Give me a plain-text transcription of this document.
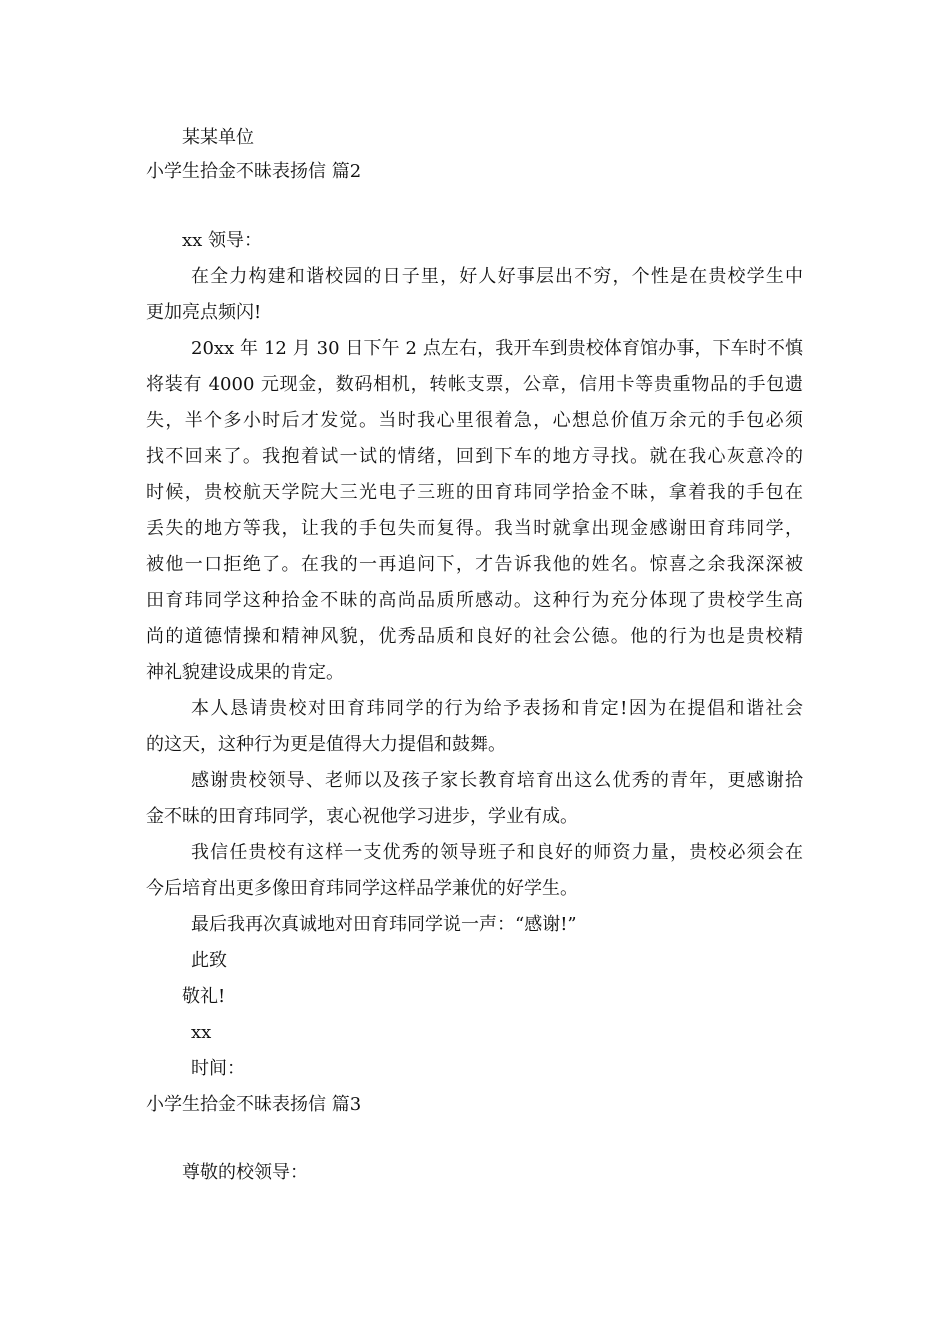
某某单位
小学生拾金不昧表扬信 篇2
xx 领导：
在全力构建和谐校园的日子里，好人好事层出不穷，个性是在贵校学生中
更加亮点频闪!
20xx 年 12 月 30 日下午 2 点左右，我开车到贵校体育馆办事，下车时不慎
将装有 4000 元现金，数码相机，转帐支票，公章，信用卡等贵重物品的手包遗
失，半个多小时后才发觉。当时我心里很着急，心想总价值万余元的手包必须
找不回来了。我抱着试一试的情绪，回到下车的地方寻找。就在我心灰意冷的
时候，贵校航天学院大三光电子三班的田育玮同学拾金不昧，拿着我的手包在
丢失的地方等我，让我的手包失而复得。我当时就拿出现金感谢田育玮同学，
被他一口拒绝了。在我的一再追问下，才告诉我他的姓名。惊喜之余我深深被
田育玮同学这种拾金不昧的高尚品质所感动。这种行为充分体现了贵校学生高
尚的道德情操和精神风貌，优秀品质和良好的社会公德。他的行为也是贵校精
神礼貌建设成果的肯定。
本人恳请贵校对田育玮同学的行为给予表扬和肯定!因为在提倡和谐社会
的这天，这种行为更是值得大力提倡和鼓舞。
感谢贵校领导、老师以及孩子家长教育培育出这么优秀的青年，更感谢拾
金不昧的田育玮同学，衷心祝他学习进步，学业有成。
我信任贵校有这样一支优秀的领导班子和良好的师资力量，贵校必须会在
今后培育出更多像田育玮同学这样品学兼优的好学生。
最后我再次真诚地对田育玮同学说一声：“感谢!”
此致
敬礼!
xx
时间：
小学生拾金不昧表扬信 篇3
尊敬的校领导：
